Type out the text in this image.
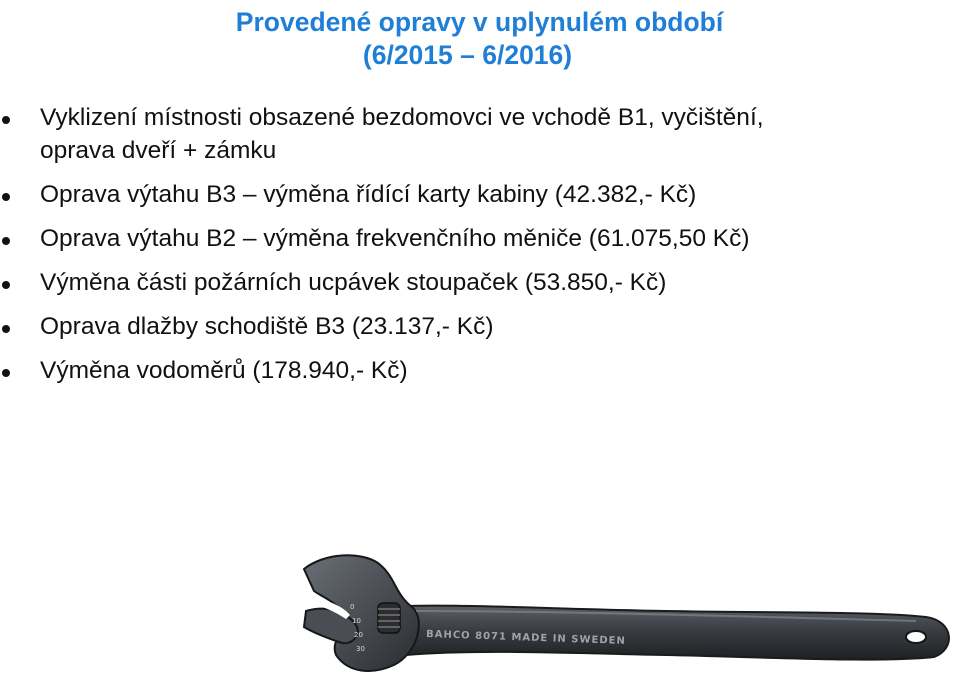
Provedené opravy v uplynulém období
(6/2015 – 6/2016)
Vyklizení místnosti obsazené bezdomovci ve vchodě B1, vyčištění,
oprava dveří + zámku
Oprava výtahu B3 – výměna řídící karty kabiny (42.382,- Kč)
Oprava výtahu B2 – výměna frekvenčního měniče (61.075,50 Kč)
Výměna části požárních ucpávek stoupaček (53.850,- Kč)
Oprava dlažby schodiště B3 (23.137,- Kč)
Výměna vodoměrů (178.940,- Kč)
0
10
20
30
BAHCO 8071 MADE IN SWEDEN
